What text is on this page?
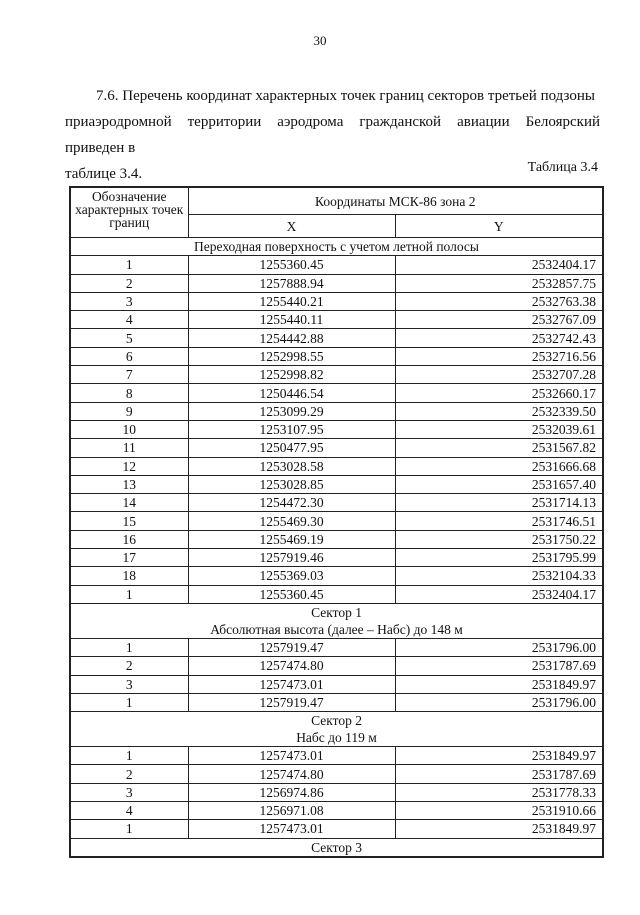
30

7.6. Перечень координат характерных точек границ секторов третьей подзоны

приаэродромной территории аэродрома гражданской авиации Белоярский приведен в

таблице 3.4.	Таблица 3.4
Обозначение характерных точек границ	Координаты МСК-86 зона 2	
	X	Y

Переходная поверхность с учетом летной полосы		

1	1255360.45	2532404.17
2	1257888.94	2532857.75
3	1255440.21	2532763.38
4	1255440.11	2532767.09
5	1254442.88	2532742.43
6	1252998.55	2532716.56
7	1252998.82	2532707.28
8	1250446.54	2532660.17
9	1253099.29	2532339.50
10	1253107.95	2532039.61
11	1250477.95	2531567.82
12	1253028.58	2531666.68
13	1253028.85	2531657.40
14	1254472.30	2531714.13
15	1255469.30	2531746.51
16	1255469.19	2531750.22
17	1257919.46	2531795.99
18	1255369.03	2532104.33
1	1255360.45	2532404.17

Сектор 1
Абсолютная высота (далее – Набс) до 148 м		

1	1257919.47	2531796.00
2	1257474.80	2531787.69
3	1257473.01	2531849.97
1	1257919.47	2531796.00

Сектор 2
Набс до 119 м		

1	1257473.01	2531849.97
2	1257474.80	2531787.69
3	1256974.86	2531778.33
4	1256971.08	2531910.66
1	1257473.01	2531849.97

Сектор 3		
